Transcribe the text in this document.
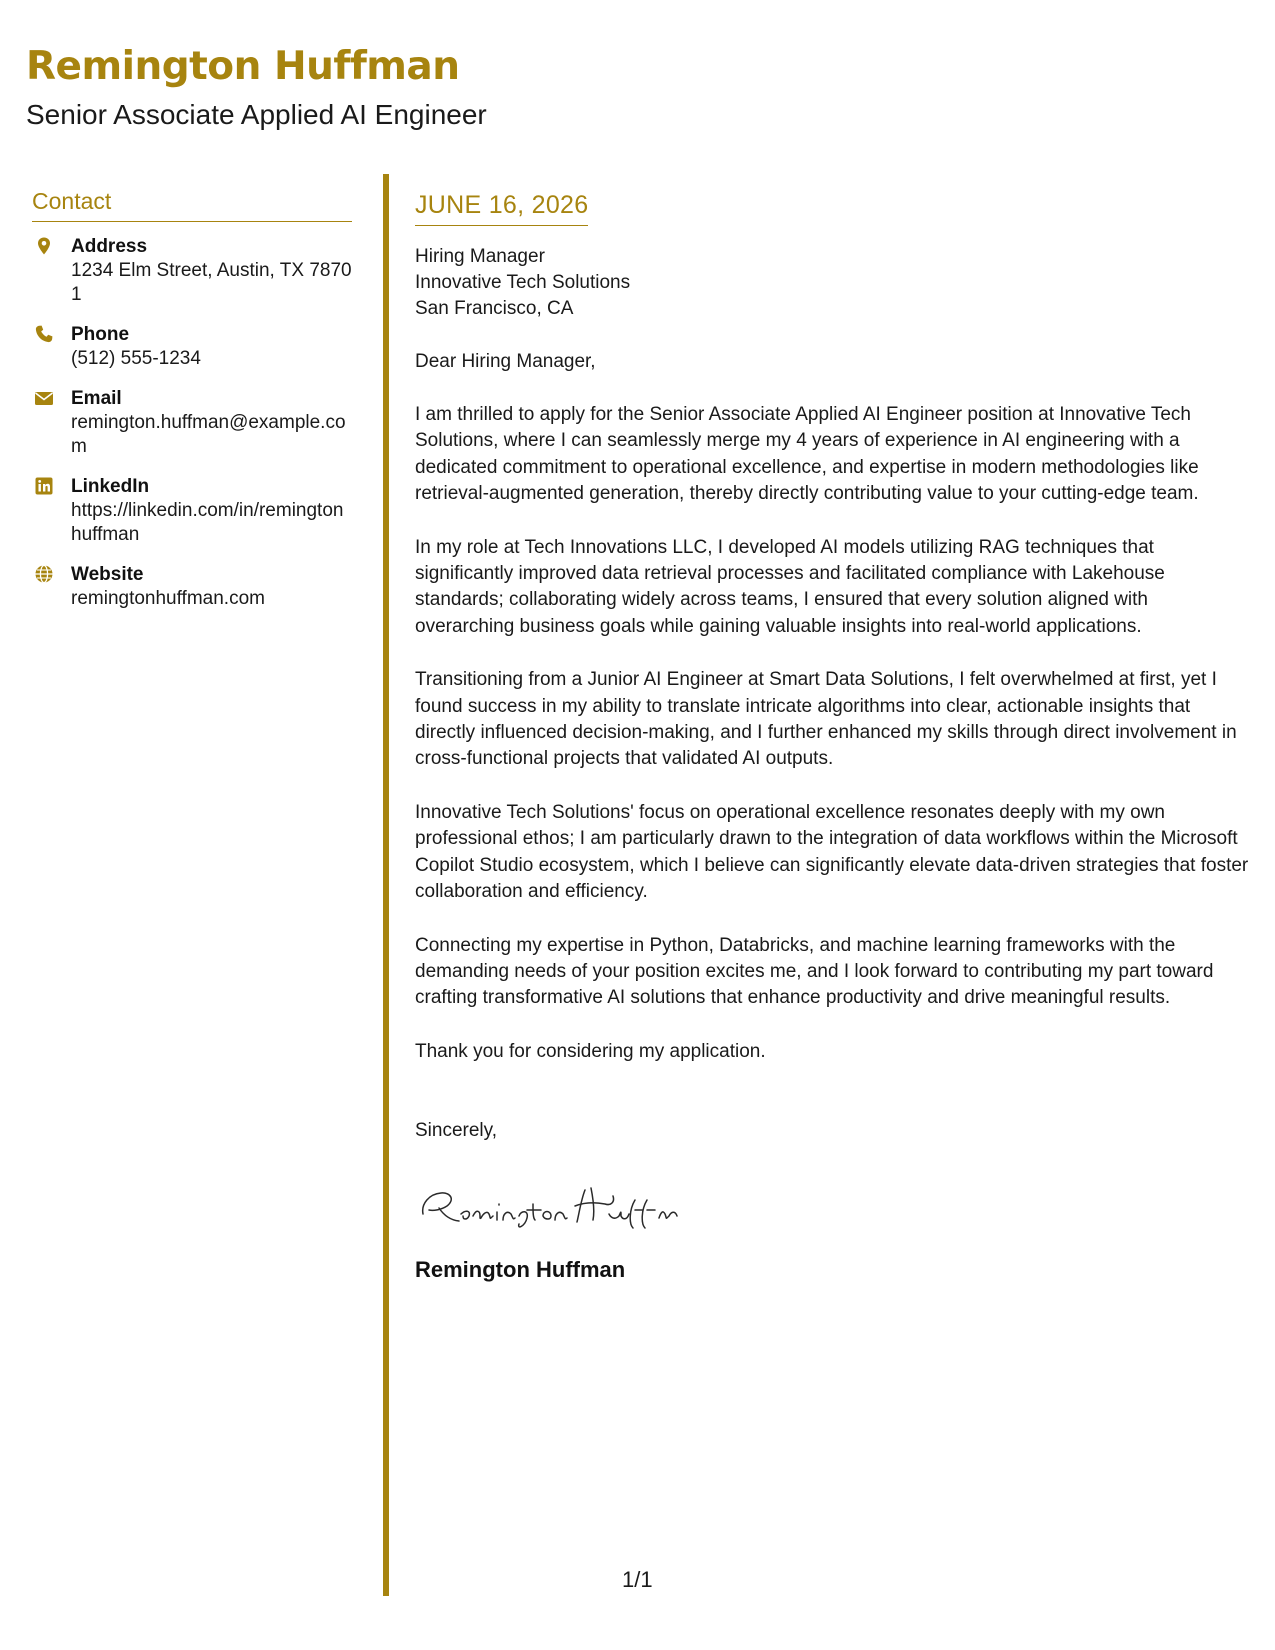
Remington Huffman
Senior Associate Applied AI Engineer
Contact
Address
1234 Elm Street, Austin, TX 78701
Phone
(512) 555-1234
Email
remington.huffman@example.com
LinkedIn
https://linkedin.com/in/remingtonhuffman
Website
remingtonhuffman.com
JUNE 16, 2026
Hiring Manager
Innovative Tech Solutions
San Francisco, CA
Dear Hiring Manager,

I am thrilled to apply for the Senior Associate Applied AI Engineer position at Innovative Tech Solutions, where I can seamlessly merge my 4 years of experience in AI engineering with a dedicated commitment to operational excellence, and expertise in modern methodologies like retrieval-augmented generation, thereby directly contributing value to your cutting-edge team.

In my role at Tech Innovations LLC, I developed AI models utilizing RAG techniques that significantly improved data retrieval processes and facilitated compliance with Lakehouse standards; collaborating widely across teams, I ensured that every solution aligned with overarching business goals while gaining valuable insights into real-world applications.

Transitioning from a Junior AI Engineer at Smart Data Solutions, I felt overwhelmed at first, yet I found success in my ability to translate intricate algorithms into clear, actionable insights that directly influenced decision-making, and I further enhanced my skills through direct involvement in cross-functional projects that validated AI outputs.

Innovative Tech Solutions' focus on operational excellence resonates deeply with my own professional ethos; I am particularly drawn to the integration of data workflows within the Microsoft Copilot Studio ecosystem, which I believe can significantly elevate data-driven strategies that foster collaboration and efficiency.

Connecting my expertise in Python, Databricks, and machine learning frameworks with the demanding needs of your position excites me, and I look forward to contributing my part toward crafting transformative AI solutions that enhance productivity and drive meaningful results.

Thank you for considering my application.

Sincerely,
Remington Huffman
1/1
